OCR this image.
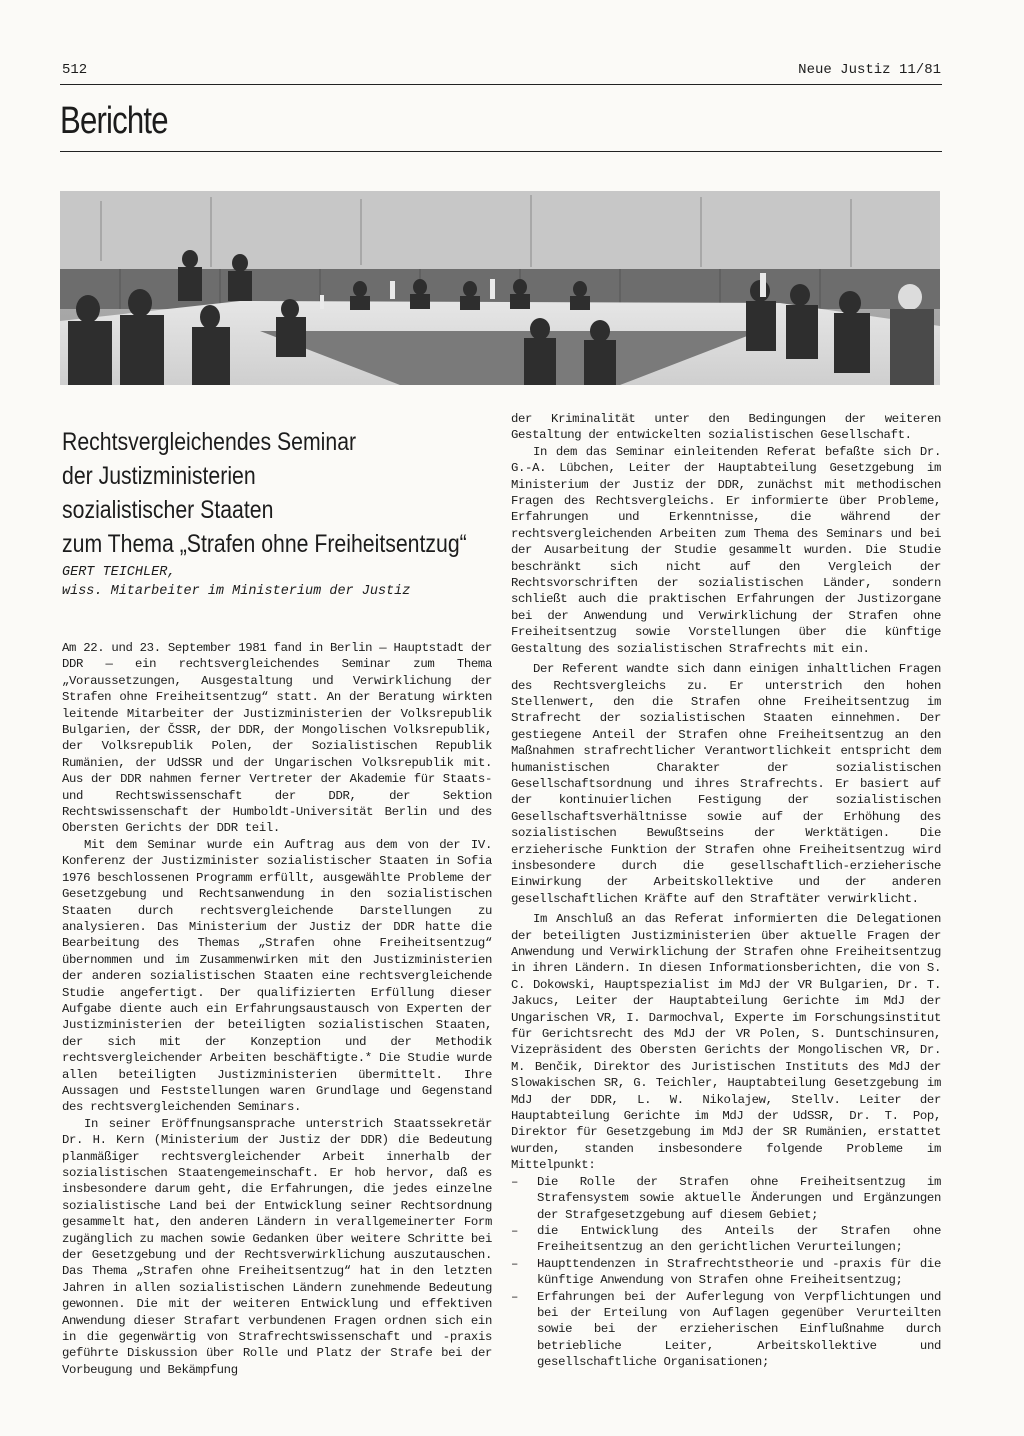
512	Neue Justiz 11/81
Berichte
Rechtsvergleichendes Seminar
der Justizministerien
sozialistischer Staaten
zum Thema „Strafen ohne Freiheitsentzug“
GERT TEICHLER,
wiss. Mitarbeiter im Ministerium der Justiz

Am 22. und 23. September 1981 fand in Berlin — Hauptstadt der DDR — ein rechtsvergleichendes Seminar zum Thema „Voraussetzungen, Ausgestaltung und Verwirklichung der Strafen ohne Freiheitsentzug“ statt. An der Beratung wirkten leitende Mitarbeiter der Justizministerien der Volksrepublik Bulgarien, der ČSSR, der DDR, der Mongolischen Volksrepublik, der Volksrepublik Polen, der Sozialistischen Republik Rumänien, der UdSSR und der Ungarischen Volksrepublik mit. Aus der DDR nahmen ferner Vertreter der Akademie für Staats- und Rechtswissenschaft der DDR, der Sektion Rechtswissenschaft der Humboldt-Universität Berlin und des Obersten Gerichts der DDR teil.

Mit dem Seminar wurde ein Auftrag aus dem von der IV. Konferenz der Justizminister sozialistischer Staaten in Sofia 1976 beschlossenen Programm erfüllt, ausgewählte Probleme der Gesetzgebung und Rechtsanwendung in den sozialistischen Staaten durch rechtsvergleichende Darstellungen zu analysieren. Das Ministerium der Justiz der DDR hatte die Bearbeitung des Themas „Strafen ohne Freiheitsentzug“ übernommen und im Zusammenwirken mit den Justizministerien der anderen sozialistischen Staaten eine rechtsvergleichende Studie angefertigt. Der qualifizierten Erfüllung dieser Aufgabe diente auch ein Erfahrungsaustausch von Experten der Justizministerien der beteiligten sozialistischen Staaten, der sich mit der Konzeption und der Methodik rechtsvergleichender Arbeiten beschäftigte.* Die Studie wurde allen beteiligten Justizministerien übermittelt. Ihre Aussagen und Feststellungen waren Grundlage und Gegenstand des rechtsvergleichenden Seminars.

In seiner Eröffnungsansprache unterstrich Staatssekretär Dr. H. Kern (Ministerium der Justiz der DDR) die Bedeutung planmäßiger rechtsvergleichender Arbeit innerhalb der sozialistischen Staatengemeinschaft. Er hob hervor, daß es insbesondere darum geht, die Erfahrungen, die jedes einzelne sozialistische Land bei der Entwicklung seiner Rechtsordnung gesammelt hat, den anderen Ländern in verallgemeinerter Form zugänglich zu machen sowie Gedanken über weitere Schritte bei der Gesetzgebung und der Rechtsverwirklichung auszutauschen. Das Thema „Strafen ohne Freiheitsentzug“ hat in den letzten Jahren in allen sozialistischen Ländern zunehmende Bedeutung gewonnen. Die mit der weiteren Entwicklung und effektiven Anwendung dieser Strafart verbundenen Fragen ordnen sich ein in die gegenwärtig von Strafrechtswissenschaft und -praxis geführte Diskussion über Rolle und Platz der Strafe bei der Vorbeugung und Bekämpfung

der Kriminalität unter den Bedingungen der weiteren Gestaltung der entwickelten sozialistischen Gesellschaft.

In dem das Seminar einleitenden Referat befaßte sich Dr. G.-A. Lübchen, Leiter der Hauptabteilung Gesetzgebung im Ministerium der Justiz der DDR, zunächst mit methodischen Fragen des Rechtsvergleichs. Er informierte über Probleme, Erfahrungen und Erkenntnisse, die während der rechtsvergleichenden Arbeiten zum Thema des Seminars und bei der Ausarbeitung der Studie gesammelt wurden. Die Studie beschränkt sich nicht auf den Vergleich der Rechtsvorschriften der sozialistischen Länder, sondern schließt auch die praktischen Erfahrungen der Justizorgane bei der Anwendung und Verwirklichung der Strafen ohne Freiheitsentzug sowie Vorstellungen über die künftige Gestaltung des sozialistischen Strafrechts mit ein.

Der Referent wandte sich dann einigen inhaltlichen Fragen des Rechtsvergleichs zu. Er unterstrich den hohen Stellenwert, den die Strafen ohne Freiheitsentzug im Strafrecht der sozialistischen Staaten einnehmen. Der gestiegene Anteil der Strafen ohne Freiheitsentzug an den Maßnahmen strafrechtlicher Verantwortlichkeit entspricht dem humanistischen Charakter der sozialistischen Gesellschaftsordnung und ihres Strafrechts. Er basiert auf der kontinuierlichen Festigung der sozialistischen Gesellschaftsverhältnisse sowie auf der Erhöhung des sozialistischen Bewußtseins der Werktätigen. Die erzieherische Funktion der Strafen ohne Freiheitsentzug wird insbesondere durch die gesellschaftlich-erzieherische Einwirkung der Arbeitskollektive und der anderen gesellschaftlichen Kräfte auf den Straftäter verwirklicht.

Im Anschluß an das Referat informierten die Delegationen der beteiligten Justizministerien über aktuelle Fragen der Anwendung und Verwirklichung der Strafen ohne Freiheitsentzug in ihren Ländern. In diesen Informationsberichten, die von S. C. Dokowski, Hauptspezialist im MdJ der VR Bulgarien, Dr. T. Jakucs, Leiter der Hauptabteilung Gerichte im MdJ der Ungarischen VR, I. Darmochval, Experte im Forschungsinstitut für Gerichtsrecht des MdJ der VR Polen, S. Duntschinsuren, Vizepräsident des Obersten Gerichts der Mongolischen VR, Dr. M. Benčik, Direktor des Juristischen Instituts des MdJ der Slowakischen SR, G. Teichler, Hauptabteilung Gesetzgebung im MdJ der DDR, L. W. Nikolajew, Stellv. Leiter der Hauptabteilung Gerichte im MdJ der UdSSR, Dr. T. Pop, Direktor für Gesetzgebung im MdJ der SR Rumänien, erstattet wurden, standen insbesondere folgende Probleme im Mittelpunkt:

– Die Rolle der Strafen ohne Freiheitsentzug im Strafensystem sowie aktuelle Änderungen und Ergänzungen der Strafgesetzgebung auf diesem Gebiet;
– die Entwicklung des Anteils der Strafen ohne Freiheitsentzug an den gerichtlichen Verurteilungen;
– Haupttendenzen in Strafrechtstheorie und -praxis für die künftige Anwendung von Strafen ohne Freiheitsentzug;
– Erfahrungen bei der Auferlegung von Verpflichtungen und bei der Erteilung von Auflagen gegenüber Verurteilten sowie bei der erzieherischen Einflußnahme durch betriebliche Leiter, Arbeitskollektive und gesellschaftliche Organisationen;
